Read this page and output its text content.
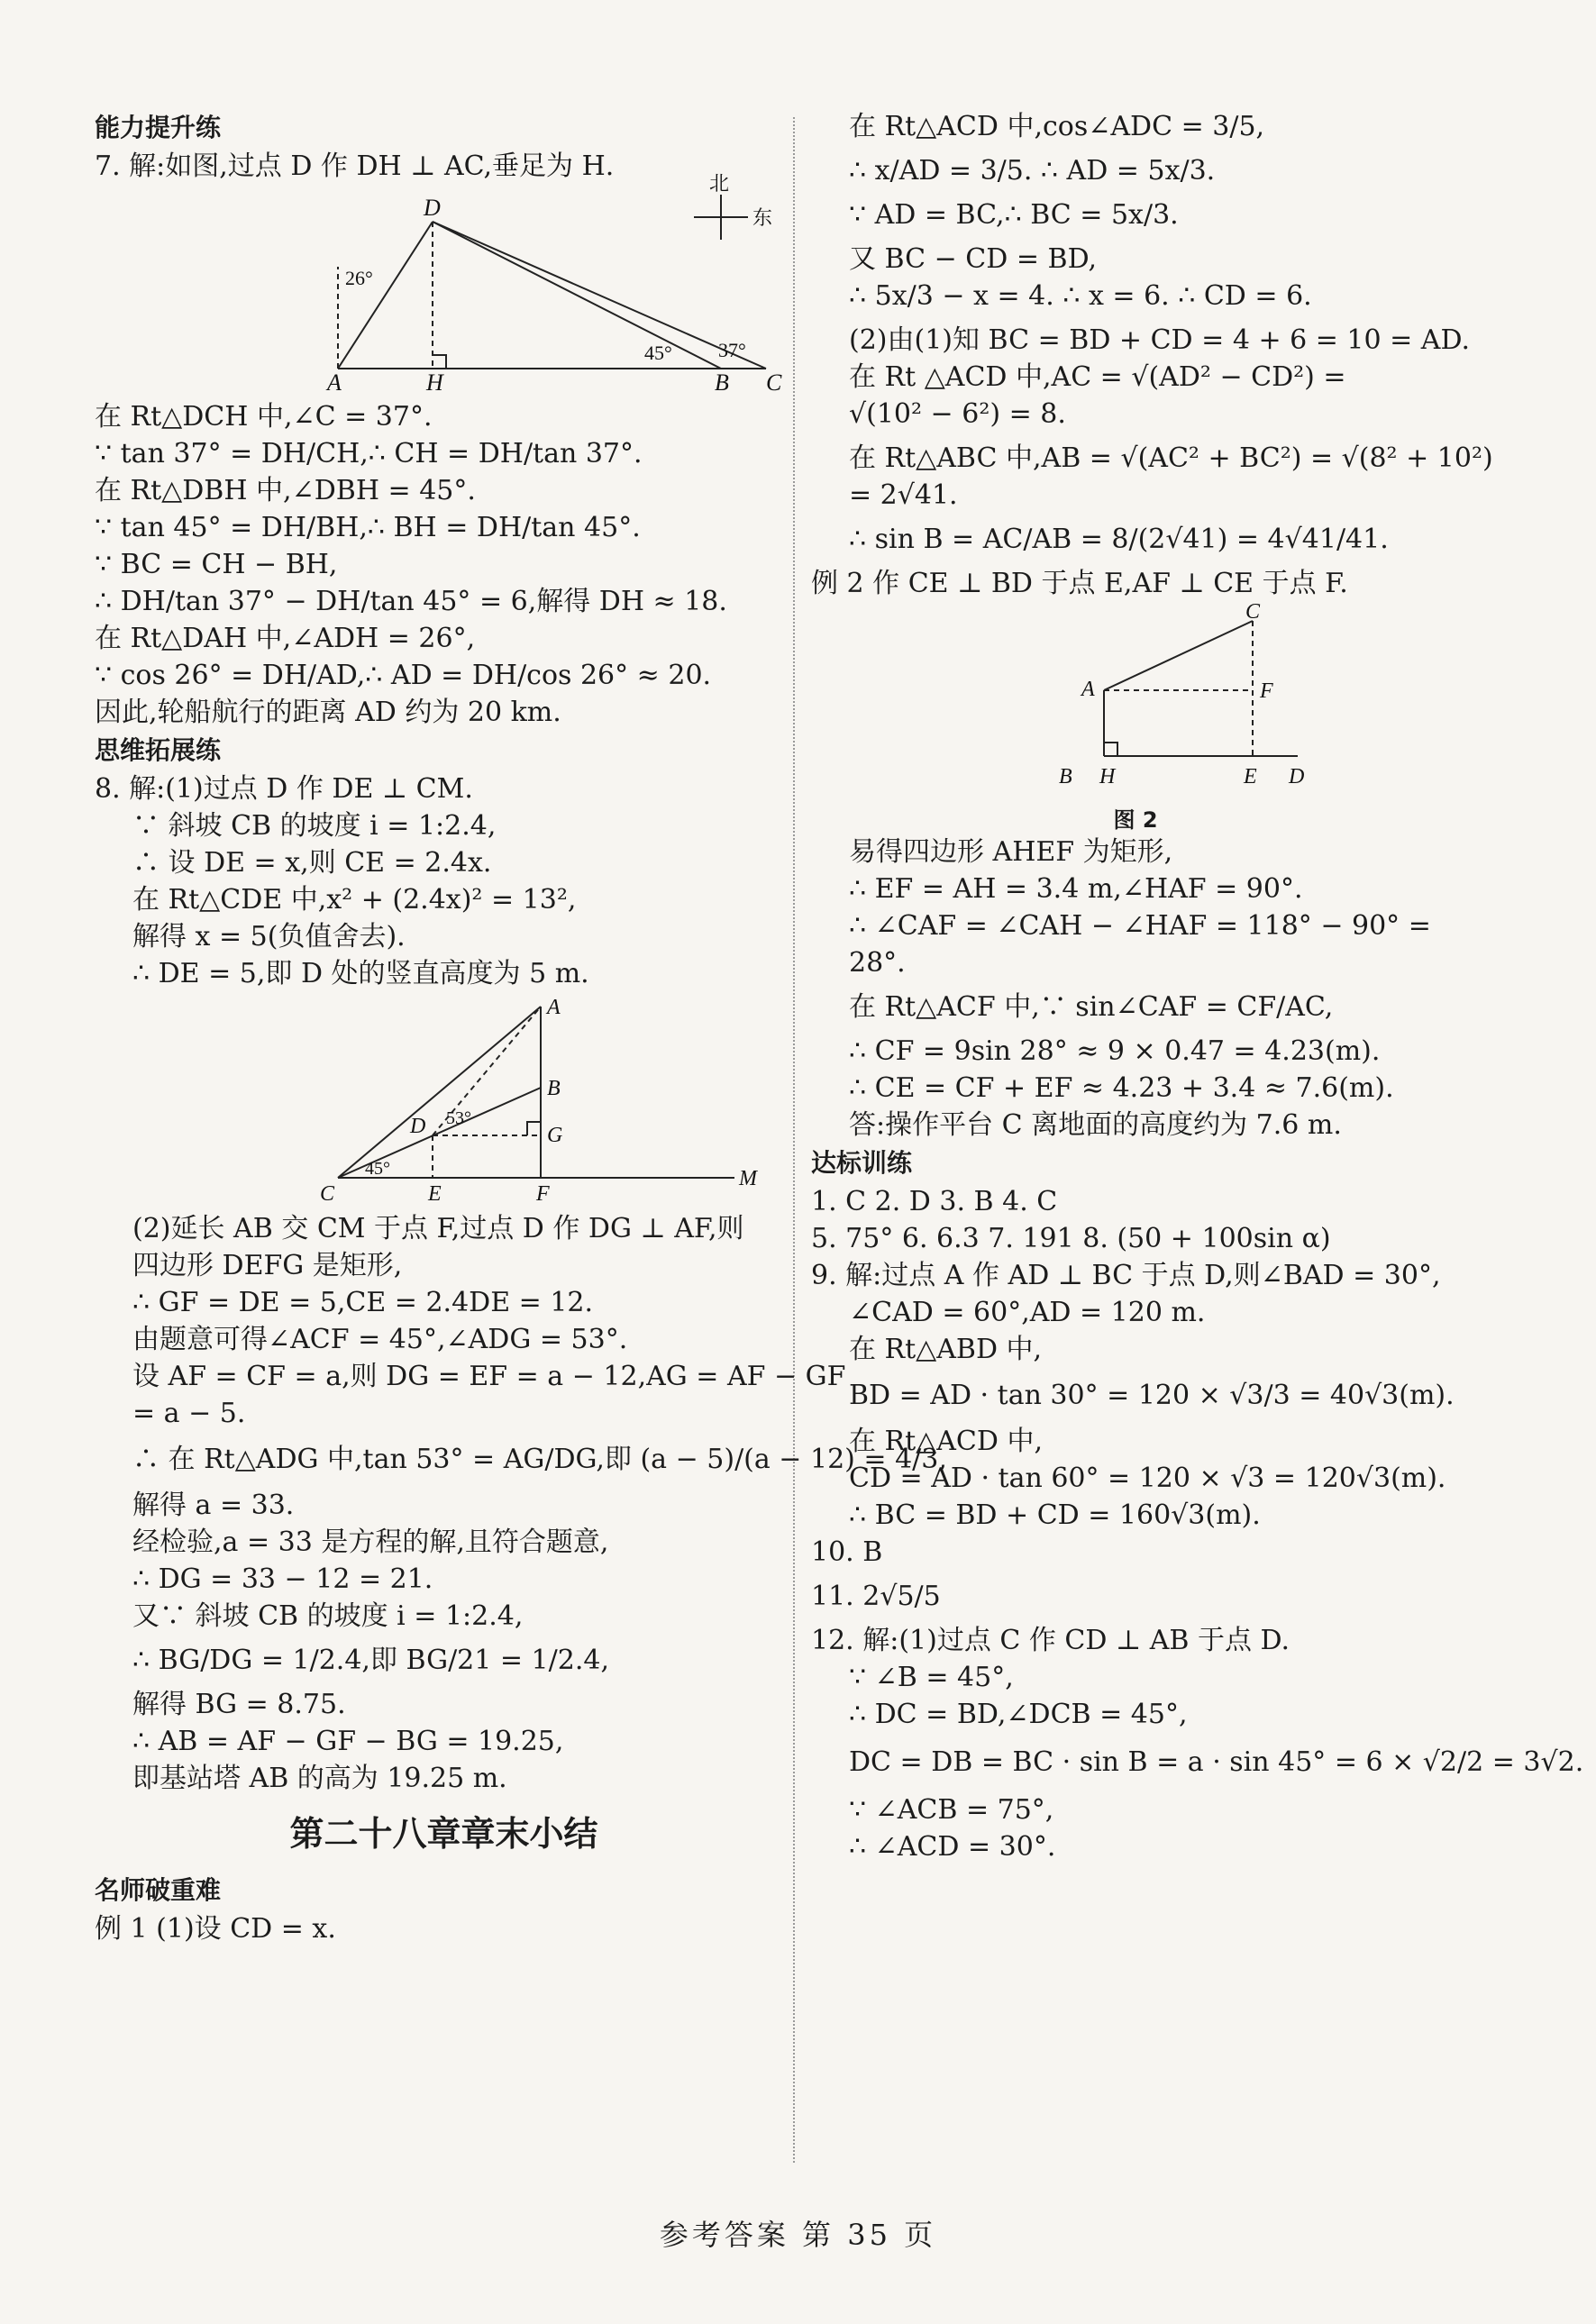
能力提升练
7. 解:如图,过点 D 作 DH ⊥ AC,垂足为 H.
D
A	H	B C
26°
45° 37°
北
东
在 Rt△DCH 中,∠C = 37°.
∵ tan 37° = DH/CH,∴ CH = DH/tan 37°.
在 Rt△DBH 中,∠DBH = 45°.
∵ tan 45° = DH/BH,∴ BH = DH/tan 45°.
∵ BC = CH − BH,
∴ DH/tan 37° − DH/tan 45° = 6,解得 DH ≈ 18.
在 Rt△DAH 中,∠ADH = 26°,
∵ cos 26° = DH/AD,∴ AD = DH/cos 26° ≈ 20.
因此,轮船航行的距离 AD 约为 20 km.
思维拓展练
8. 解:(1)过点 D 作 DE ⊥ CM.
∵ 斜坡 CB 的坡度 i = 1:2.4,
∴ 设 DE = x,则 CE = 2.4x.
在 Rt△CDE 中,x² + (2.4x)² = 13²,
解得 x = 5(负值舍去).
∴ DE = 5,即 D 处的竖直高度为 5 m.
A
B
G
D
C	E	F
M
53°
45°
(2)延长 AB 交 CM 于点 F,过点 D 作 DG ⊥ AF,则
四边形 DEFG 是矩形,
∴ GF = DE = 5,CE = 2.4DE = 12.
由题意可得∠ACF = 45°,∠ADG = 53°.
设 AF = CF = a,则 DG = EF = a − 12,AG = AF − GF
= a − 5.
∴ 在 Rt△ADG 中,tan 53° = AG/DG,即 (a − 5)/(a − 12) = 4/3,
解得 a = 33.
经检验,a = 33 是方程的解,且符合题意,
∴ DG = 33 − 12 = 21.
又∵ 斜坡 CB 的坡度 i = 1:2.4,
∴ BG/DG = 1/2.4,即 BG/21 = 1/2.4,
解得 BG = 8.75.
∴ AB = AF − GF − BG = 19.25,
即基站塔 AB 的高为 19.25 m.
第二十八章章末小结
名师破重难
例 1 (1)设 CD = x.
在 Rt△ACD 中,cos∠ADC = 3/5,
∴ x/AD = 3/5. ∴ AD = 5x/3.
∵ AD = BC,∴ BC = 5x/3.
又 BC − CD = BD,
∴ 5x/3 − x = 4. ∴ x = 6. ∴ CD = 6.
(2)由(1)知 BC = BD + CD = 4 + 6 = 10 = AD.
在 Rt △ACD 中,AC = √(AD² − CD²) =
√(10² − 6²) = 8.
在 Rt△ABC 中,AB = √(AC² + BC²) = √(8² + 10²)
= 2√41.
∴ sin B = AC/AB = 8/(2√41) = 4√41/41.
例 2 作 CE ⊥ BD 于点 E,AF ⊥ CE 于点 F.
C
A	F
B H	E D
图 2
易得四边形 AHEF 为矩形,
∴ EF = AH = 3.4 m,∠HAF = 90°.
∴ ∠CAF = ∠CAH − ∠HAF = 118° − 90° =
28°.
在 Rt△ACF 中,∵ sin∠CAF = CF/AC,
∴ CF = 9sin 28° ≈ 9 × 0.47 = 4.23(m).
∴ CE = CF + EF ≈ 4.23 + 3.4 ≈ 7.6(m).
答:操作平台 C 离地面的高度约为 7.6 m.
达标训练
1. C 2. D 3. B 4. C
5. 75° 6. 6.3 7. 191 8. (50 + 100sin α)
9. 解:过点 A 作 AD ⊥ BC 于点 D,则∠BAD = 30°,
∠CAD = 60°,AD = 120 m.
在 Rt△ABD 中,
BD = AD · tan 30° = 120 × √3/3 = 40√3(m).
在 Rt△ACD 中,
CD = AD · tan 60° = 120 × √3 = 120√3(m).
∴ BC = BD + CD = 160√3(m).
10. B
11. 2√5/5
12. 解:(1)过点 C 作 CD ⊥ AB 于点 D.
∵ ∠B = 45°,
∴ DC = BD,∠DCB = 45°,
DC = DB = BC · sin B = a · sin 45° = 6 × √2/2 = 3√2.
∵ ∠ACB = 75°,
∴ ∠ACD = 30°.
参考答案 第 35 页
